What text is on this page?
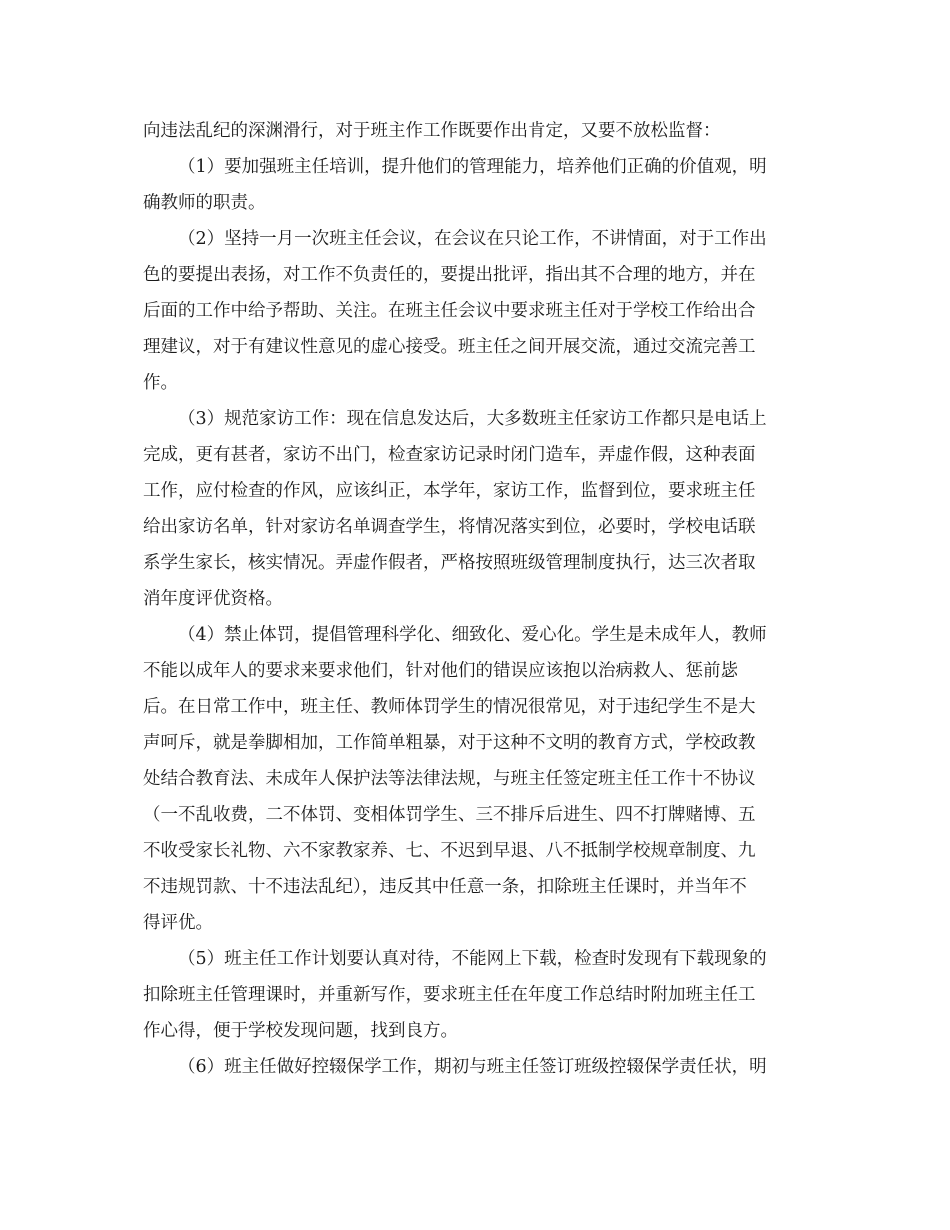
向违法乱纪的深渊滑行，对于班主作工作既要作出肯定，又要不放松监督：
（1）要加强班主任培训，提升他们的管理能力，培养他们正确的价值观，明
确教师的职责。
（2）坚持一月一次班主任会议，在会议在只论工作，不讲情面，对于工作出
色的要提出表扬，对工作不负责任的，要提出批评，指出其不合理的地方，并在
后面的工作中给予帮助、关注。在班主任会议中要求班主任对于学校工作给出合
理建议，对于有建议性意见的虚心接受。班主任之间开展交流，通过交流完善工
作。
（3）规范家访工作：现在信息发达后，大多数班主任家访工作都只是电话上
完成，更有甚者，家访不出门，检查家访记录时闭门造车，弄虚作假，这种表面
工作，应付检查的作风，应该纠正，本学年，家访工作，监督到位，要求班主任
给出家访名单，针对家访名单调查学生，将情况落实到位，必要时，学校电话联
系学生家长，核实情况。弄虚作假者，严格按照班级管理制度执行，达三次者取
消年度评优资格。
（4）禁止体罚，提倡管理科学化、细致化、爱心化。学生是未成年人，教师
不能以成年人的要求来要求他们，针对他们的错误应该抱以治病救人、惩前毖
后。在日常工作中，班主任、教师体罚学生的情况很常见，对于违纪学生不是大
声呵斥，就是拳脚相加，工作简单粗暴，对于这种不文明的教育方式，学校政教
处结合教育法、未成年人保护法等法律法规，与班主任签定班主任工作十不协议
（一不乱收费，二不体罚、变相体罚学生、三不排斥后进生、四不打牌赌博、五
不收受家长礼物、六不家教家养、七、不迟到早退、八不抵制学校规章制度、九
不违规罚款、十不违法乱纪），违反其中任意一条，扣除班主任课时，并当年不
得评优。
（5）班主任工作计划要认真对待，不能网上下载，检查时发现有下载现象的
扣除班主任管理课时，并重新写作，要求班主任在年度工作总结时附加班主任工
作心得，便于学校发现问题，找到良方。
（6）班主任做好控辍保学工作，期初与班主任签订班级控辍保学责任状，明
